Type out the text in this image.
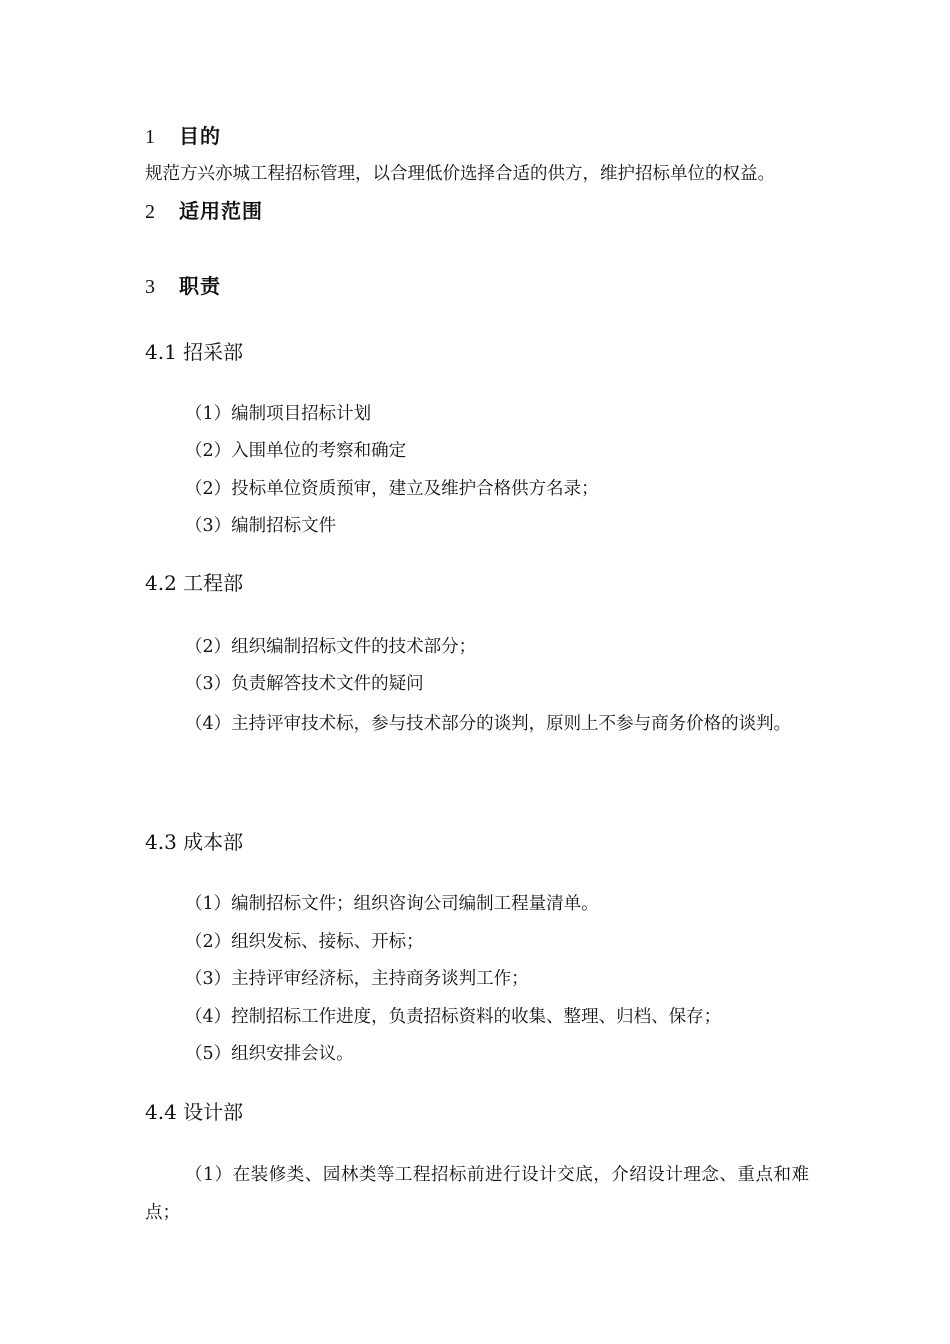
1 目的
规范方兴亦城工程招标管理，以合理低价选择合适的供方，维护招标单位的权益。
2 适用范围
3 职责
4.1 招采部
（1）编制项目招标计划
（2）入围单位的考察和确定
（2）投标单位资质预审，建立及维护合格供方名录；
（3）编制招标文件
4.2 工程部
（2）组织编制招标文件的技术部分；
（3）负责解答技术文件的疑问
（4）主持评审技术标，参与技术部分的谈判，原则上不参与商务价格的谈判。
4.3 成本部
（1）编制招标文件；组织咨询公司编制工程量清单。
（2）组织发标、接标、开标；
（3）主持评审经济标，主持商务谈判工作；
（4）控制招标工作进度，负责招标资料的收集、整理、归档、保存；
（5）组织安排会议。
4.4 设计部
（1）在装修类、园林类等工程招标前进行设计交底，介绍设计理念、重点和难点；
